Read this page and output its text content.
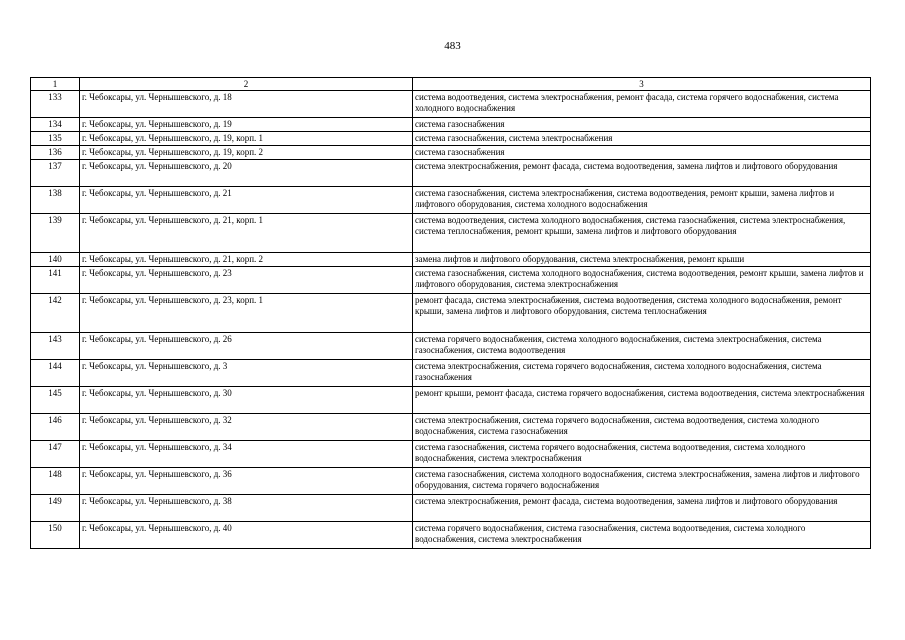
483
1	2	3
133	г. Чебоксары, ул. Чернышевского, д. 18	система водоотведения, система электроснабжения, ремонт фасада, система горячего водоснабжения, система холодного водоснабжения
134	г. Чебоксары, ул. Чернышевского, д. 19	система газоснабжения
135	г. Чебоксары, ул. Чернышевского, д. 19, корп. 1	система газоснабжения, система электроснабжения
136	г. Чебоксары, ул. Чернышевского, д. 19, корп. 2	система газоснабжения
137	г. Чебоксары, ул. Чернышевского, д. 20	система электроснабжения, ремонт фасада, система водоотведения, замена лифтов и лифтового оборудования
138	г. Чебоксары, ул. Чернышевского, д. 21	система газоснабжения, система электроснабжения, система водоотведения, ремонт крыши, замена лифтов и лифтового оборудования, система холодного водоснабжения
139	г. Чебоксары, ул. Чернышевского, д. 21, корп. 1	система водоотведения, система холодного водоснабжения, система газоснабжения, система электроснабжения, система теплоснабжения, ремонт крыши, замена лифтов и лифтового оборудования
140	г. Чебоксары, ул. Чернышевского, д. 21, корп. 2	замена лифтов и лифтового оборудования, система электроснабжения, ремонт крыши
141	г. Чебоксары, ул. Чернышевского, д. 23	система газоснабжения, система холодного водоснабжения, система водоотведения, ремонт крыши, замена лифтов и лифтового оборудования, система электроснабжения
142	г. Чебоксары, ул. Чернышевского, д. 23, корп. 1	ремонт фасада, система электроснабжения, система водоотведения, система холодного водоснабжения, ремонт крыши, замена лифтов и лифтового оборудования, система теплоснабжения
143	г. Чебоксары, ул. Чернышевского, д. 26	система горячего водоснабжения, система холодного водоснабжения, система электроснабжения, система газоснабжения, система водоотведения
144	г. Чебоксары, ул. Чернышевского, д. 3	система электроснабжения, система горячего водоснабжения, система холодного водоснабжения, система газоснабжения
145	г. Чебоксары, ул. Чернышевского, д. 30	ремонт крыши, ремонт фасада, система горячего водоснабжения, система водоотведения, система электроснабжения
146	г. Чебоксары, ул. Чернышевского, д. 32	система электроснабжения, система горячего водоснабжения, система водоотведения, система холодного водоснабжения, система газоснабжения
147	г. Чебоксары, ул. Чернышевского, д. 34	система газоснабжения, система горячего водоснабжения, система водоотведения, система холодного водоснабжения, система электроснабжения
148	г. Чебоксары, ул. Чернышевского, д. 36	система газоснабжения, система холодного водоснабжения, система электроснабжения, замена лифтов и лифтового оборудования, система горячего водоснабжения
149	г. Чебоксары, ул. Чернышевского, д. 38	система электроснабжения, ремонт фасада, система водоотведения, замена лифтов и лифтового оборудования
150	г. Чебоксары, ул. Чернышевского, д. 40	система горячего водоснабжения, система газоснабжения, система водоотведения, система холодного водоснабжения, система электроснабжения
